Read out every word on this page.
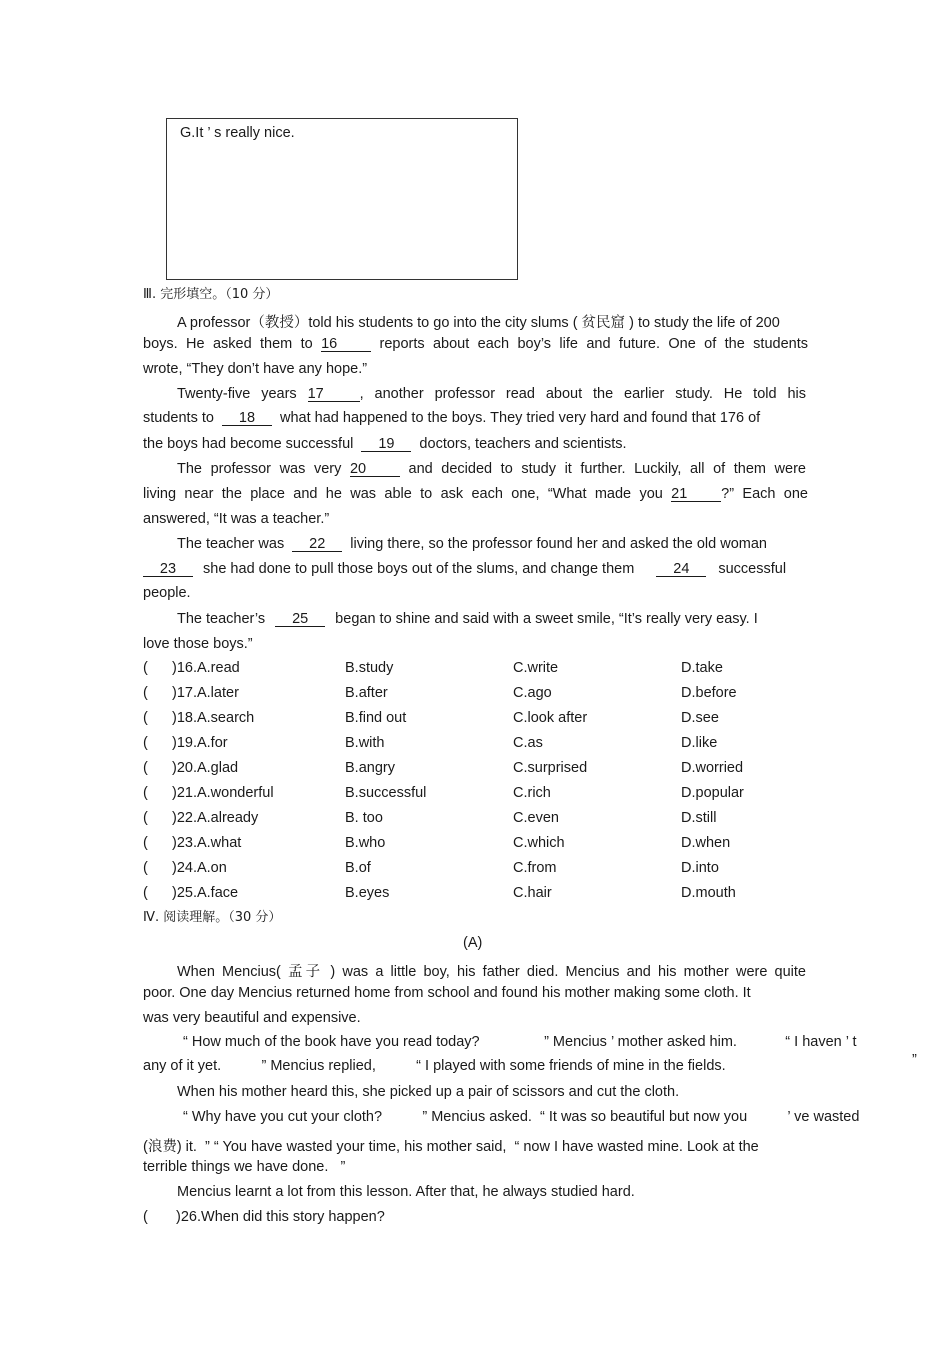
G.It ’ s really nice.
Ⅲ. 完形填空。（10 分）
A professor（教授）told his students to go into the city slums ( 贫民窟 ) to study the life of 200
boys. He asked them to 16 reports about each boy’s life and future. One of the students
wrote, “They don’t have any hope.”
Twenty-five years 17 , another professor read about the earlier study. He told his
students to 18 what had happened to the boys. They tried very hard and found that 176 of
the boys had become successful 19 doctors, teachers and scientists.
The professor was very 20 and decided to study it further. Luckily, all of them were
living near the place and he was able to ask each one, “What made you 21 ?” Each one
answered, “It was a teacher.”
The teacher was 22 living there, so the professor found her and asked the old woman
23 she had done to pull those boys out of the slums, and change them 24 successful
people.
The teacher’s 25 began to shine and said with a sweet smile, “It’s really very easy. I
love those boys.”
( )16.A.read	B.study	C.write	D.take
( )17.A.later	B.after	C.ago	D.before
( )18.A.search	B.find out	C.look after	D.see
( )19.A.for	B.with	C.as	D.like
( )20.A.glad	B.angry	C.surprised	D.worried
( )21.A.wonderful	B.successful	C.rich	D.popular
( )22.A.already	B. too	C.even	D.still
( )23.A.what	B.who	C.which	D.when
( )24.A.on	B.of	C.from	D.into
( )25.A.face	B.eyes	C.hair	D.mouth
Ⅳ. 阅读理解。（30 分）
(A)
When Mencius( 孟子 ) was a little boy, his father died. Mencius and his mother were quite
poor. One day Mencius returned home from school and found his mother making some cloth. It
was very beautiful and expensive.
“ How much of the book have you read today?                ” Mencius ’ mother asked him.            “ I haven ’ t
any of it yet.          ” Mencius replied,          “ I played with some friends of mine in the fields.	”
When his mother heard this, she picked up a pair of scissors and cut the cloth.
“ Why have you cut your cloth?          ” Mencius asked.  “ It was so beautiful but now you          ’ ve wasted
(浪费) it.  ” “ You have wasted your time, his mother said,  “ now I have wasted mine. Look at the
terrible things we have done.   ”
Mencius learnt a lot from this lesson. After that, he always studied hard.
(       )26.When did this story happen?
